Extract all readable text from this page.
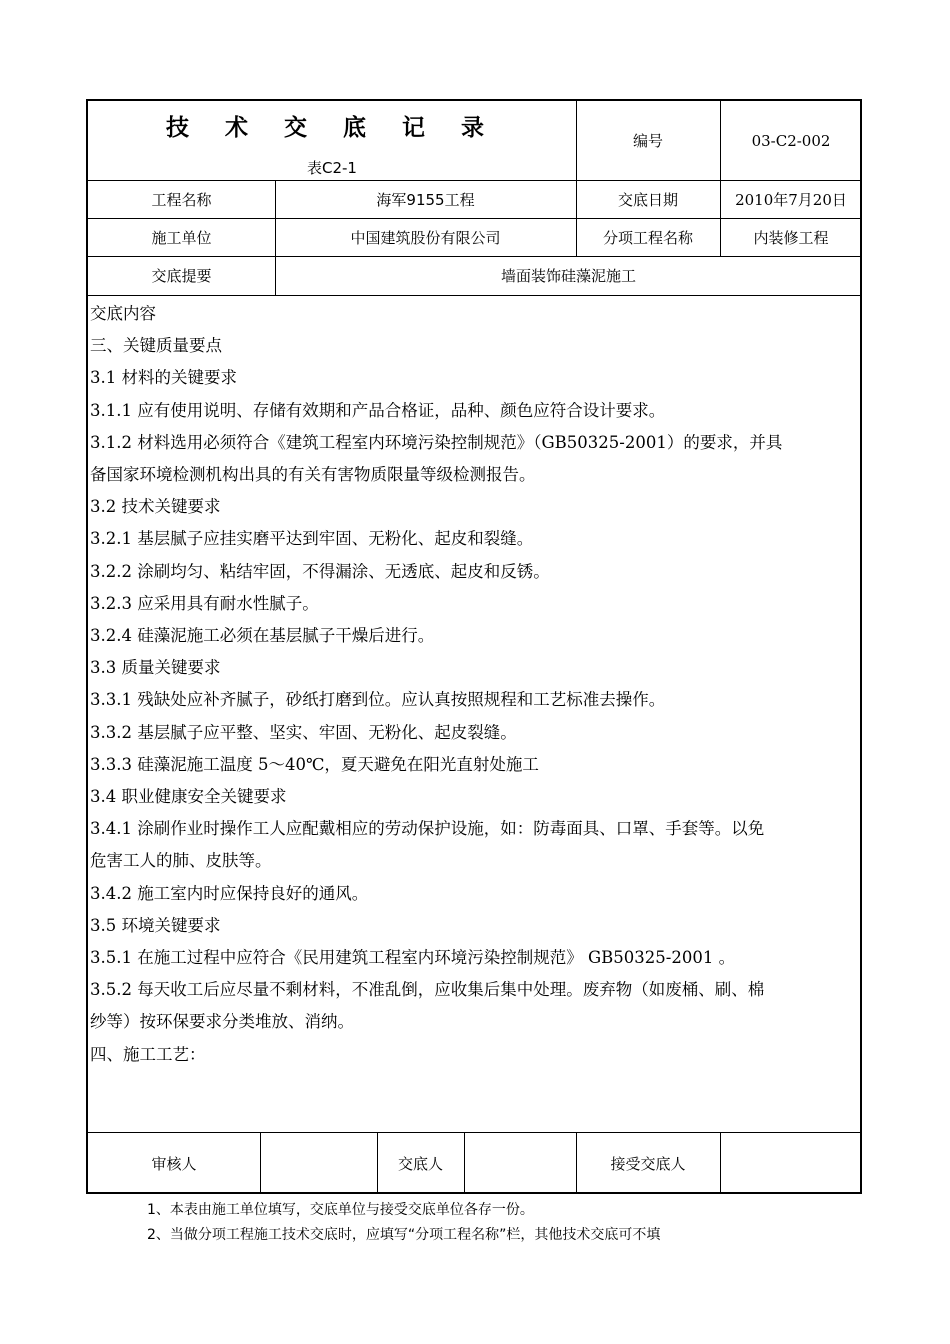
技 术 交 底 记 录
表C2-1
编号	03-C2-002
工程名称	海军9155工程	交底日期	2010年7月20日
施工单位	中国建筑股份有限公司	分项工程名称	内装修工程
交底提要	墙面装饰硅藻泥施工
交底内容
三、关键质量要点
3.1 材料的关键要求
3.1.1 应有使用说明、存储有效期和产品合格证，品种、颜色应符合设计要求。
3.1.2 材料选用必须符合《建筑工程室内环境污染控制规范》（GB50325-2001）的要求，并具
备国家环境检测机构出具的有关有害物质限量等级检测报告。
3.2 技术关键要求
3.2.1 基层腻子应挂实磨平达到牢固、无粉化、起皮和裂缝。
3.2.2 涂刷均匀、粘结牢固，不得漏涂、无透底、起皮和反锈。
3.2.3 应采用具有耐水性腻子。
3.2.4 硅藻泥施工必须在基层腻子干燥后进行。
3.3 质量关键要求
3.3.1 残缺处应补齐腻子，砂纸打磨到位。应认真按照规程和工艺标准去操作。
3.3.2 基层腻子应平整、坚实、牢固、无粉化、起皮裂缝。
3.3.3 硅藻泥施工温度 5～40℃，夏天避免在阳光直射处施工
3.4 职业健康安全关键要求
3.4.1 涂刷作业时操作工人应配戴相应的劳动保护设施，如：防毒面具、口罩、手套等。以免
危害工人的肺、皮肤等。
3.4.2 施工室内时应保持良好的通风。
3.5 环境关键要求
3.5.1 在施工过程中应符合《民用建筑工程室内环境污染控制规范》 GB50325-2001 。
3.5.2 每天收工后应尽量不剩材料，不准乱倒，应收集后集中处理。废弃物（如废桶、刷、棉
纱等）按环保要求分类堆放、消纳。
四、施工工艺：
审核人	交底人	接受交底人
1、本表由施工单位填写，交底单位与接受交底单位各存一份。
2、当做分项工程施工技术交底时，应填写“分项工程名称”栏，其他技术交底可不填
